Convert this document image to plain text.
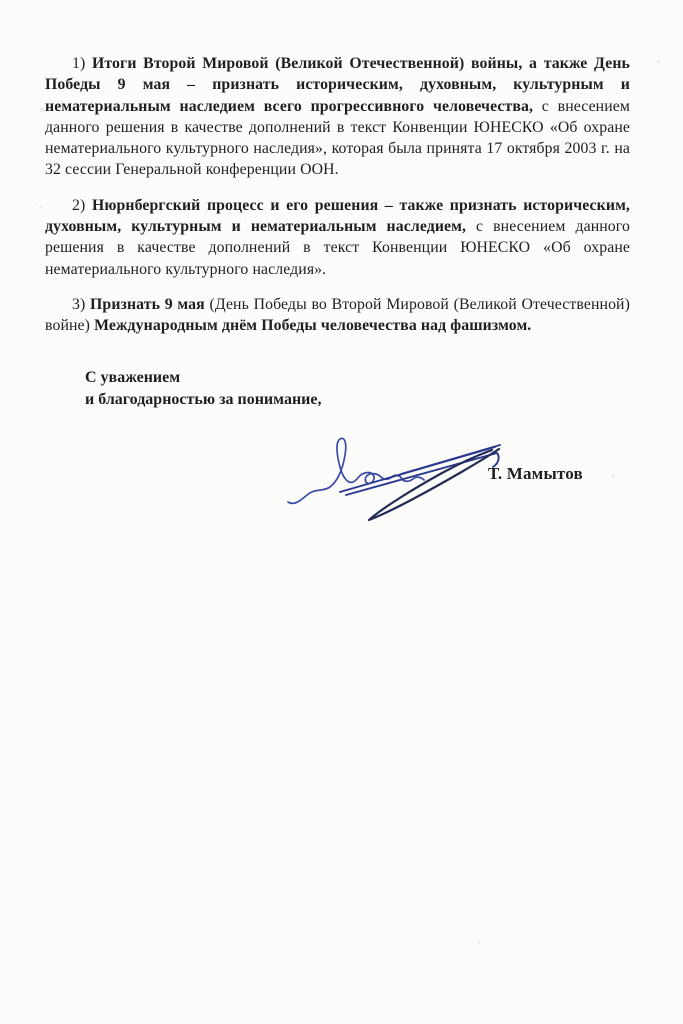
1) Итоги Второй Мировой (Великой Отечественной) войны, а также День Победы 9 мая – признать историческим, духовным, культурным и нематериальным наследием всего прогрессивного человечества, с внесением данного решения в качестве дополнений в текст Конвенции ЮНЕСКО «Об охране нематериального культурного наследия», которая была принята 17 октября 2003 г. на 32 сессии Генеральной конференции ООН.

2) Нюрнбергский процесс и его решения – также признать историческим, духовным, культурным и нематериальным наследием, с внесением данного решения в качестве дополнений в текст Конвенции ЮНЕСКО «Об охране нематериального культурного наследия».

3) Признать 9 мая (День Победы во Второй Мировой (Великой Отечественной) войне) Международным днём Победы человечества над фашизмом.

С уважением
и благодарностью за понимание,
Т. Мамытов
